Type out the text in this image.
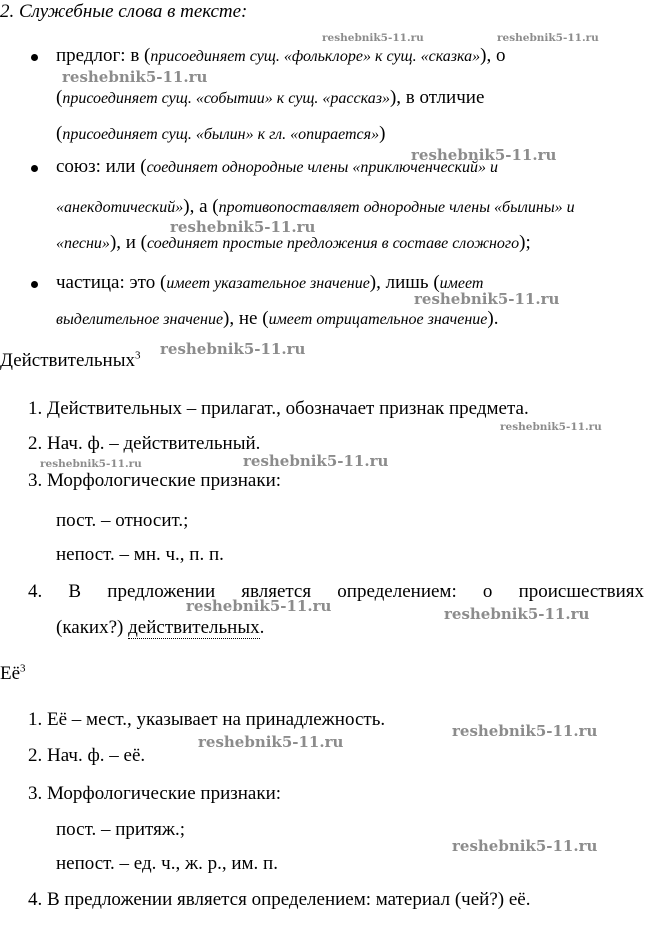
2. Служебные слова в тексте:
предлог: в (присоединяет сущ. «фольклоре» к сущ. «сказка»), о
(присоединяет сущ. «событии» к сущ. «рассказ»), в отличие
(присоединяет сущ. «былин» к гл. «опирается»)
союз: или (соединяет однородные члены «приключенческий» и
«анекдотический»), а (противопоставляет однородные члены «былины» и
«песни»), и (соединяет простые предложения в составе сложного);
частица: это (имеет указательное значение), лишь (имеет
выделительное значение), не (имеет отрицательное значение).
Действительных$^3$
1. Действительных – прилагат., обозначает признак предмета.
2. Нач. ф. – действительный.
3. Морфологические признаки:
пост. – относит.;
непост. – мн. ч., п. п.
4. В предложении является определением: о происшествиях
(каких?) действительных.
$Её^3$
1. Её – мест., указывает на принадлежность.
2. Нач. ф. – её.
3. Морфологические признаки:
пост. – притяж.;
непост. – ед. ч., ж. р., им. п.
4. В предложении является определением: материал (чей?) её.
reshebnik5-11.ru	reshebnik5-11.ru
reshebnik5-11.ru
reshebnik5-11.ru
reshebnik5-11.ru
reshebnik5-11.ru
reshebnik5-11.ru
reshebnik5-11.ru
reshebnik5-11.ru	reshebnik5-11.ru
reshebnik5-11.ru	reshebnik5-11.ru
reshebnik5-11.ru
reshebnik5-11.ru
reshebnik5-11.ru
